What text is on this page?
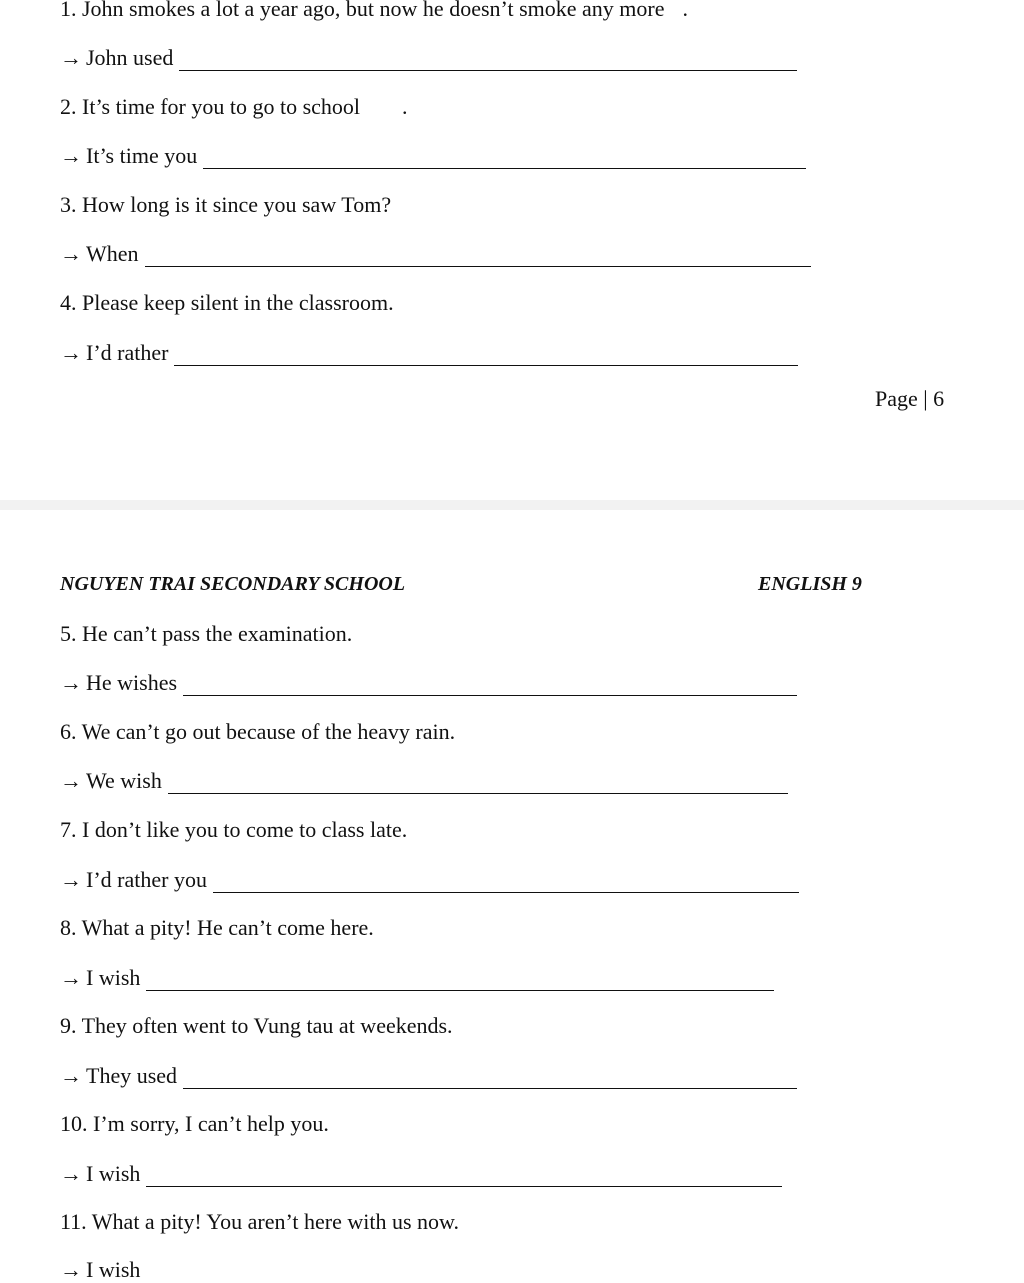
1. John smokes a lot a year ago, but now he doesn’t smoke any more .
→ John used
2. It’s time for you to go to school .
→ It’s time you
3. How long is it since you saw Tom?
→ When
4. Please keep silent in the classroom.
→ I’d rather
Page | 6
NGUYEN TRAI SECONDARY SCHOOL	ENGLISH 9
5. He can’t pass the examination.
→ He wishes
6. We can’t go out because of the heavy rain.
→ We wish
7. I don’t like you to come to class late.
→ I’d rather you
8. What a pity! He can’t come here.
→ I wish
9. They often went to Vung tau at weekends.
→ They used
10. I’m sorry, I can’t help you.
→ I wish
11. What a pity! You aren’t here with us now.
→ I wish
